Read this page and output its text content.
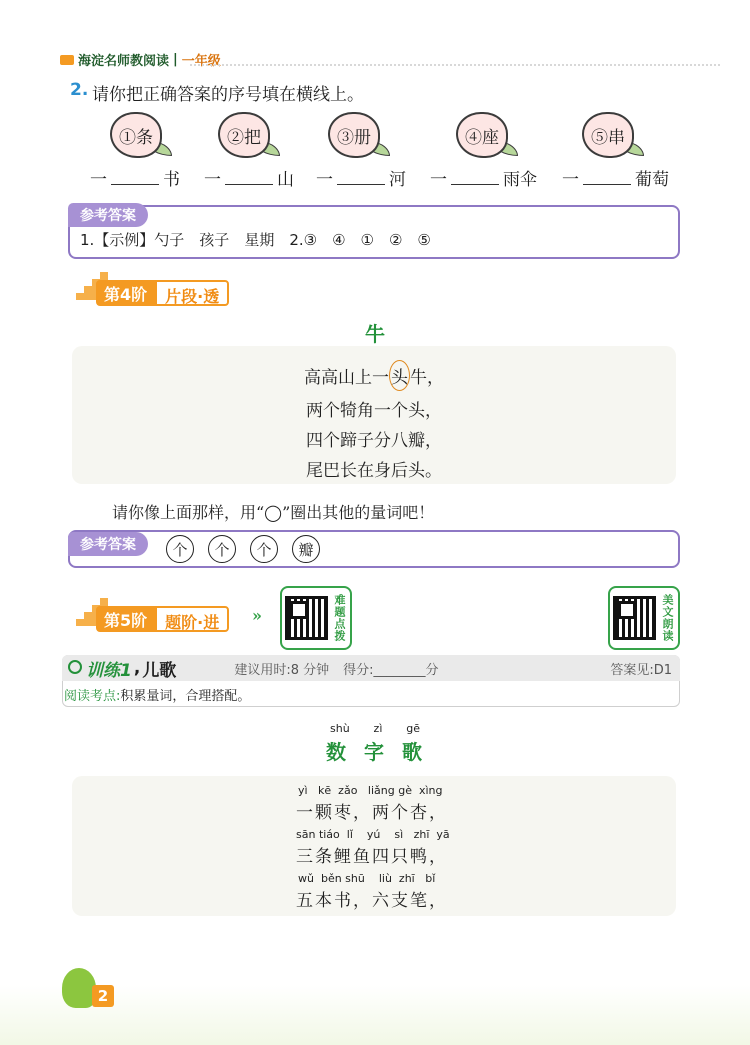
海淀名师教阅读 | 一年级
2. 请你把正确答案的序号填在横线上。
①条	②把	③册	④座	⑤串
一	书 一	山 一	河 一	雨伞 一	葡萄
参考答案
1.【示例】勺子　孩子　星期　2.③　④　①　②　⑤
第4阶	片段·透
牛
高高山上一 头 牛，
两个犄角一个头，
四个蹄子分八瓣，
尾巴长在身后头。
请你像上面那样，用“◯”圈出其他的量词吧！
参考答案	个	个	个	瓣
第5阶	题阶·进	»	难题点拨	美文朗读
训练1 , 儿歌	建议用时:8 分钟 得分:________分	答案见:D1
阅读考点:积累量词，合理搭配。
shù zì gē
数 字 歌
yì   kē  zǎo   liǎng gè  xìng
一颗枣，两个杏，
sān tiáo  lǐ    yú    sì   zhī  yā
三条鲤鱼四只鸭，
wǔ  běn shū    liù  zhī   bǐ
五本书，六支笔，
2
